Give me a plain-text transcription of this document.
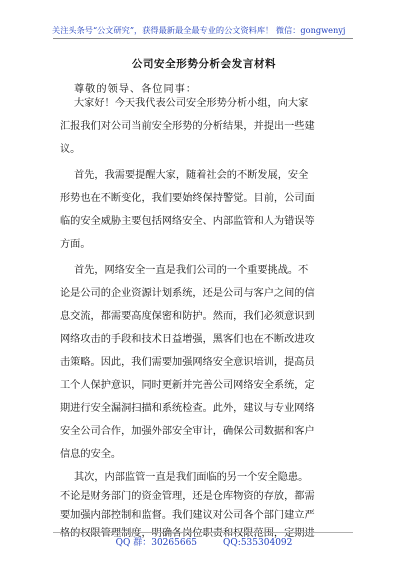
关注头条号“公文研究”，获得最新最全最专业的公文资料库！ 微信：gongwenyj
公司安全形势分析会发言材料
尊敬的领导、各位同事：
大家好！今天我代表公司安全形势分析小组，向大家
汇报我们对公司当前安全形势的分析结果，并提出一些建
议。
首先，我需要提醒大家，随着社会的不断发展，安全
形势也在不断变化，我们要始终保持警觉。目前，公司面
临的安全威胁主要包括网络安全、内部监管和人为错误等
方面。
首先，网络安全一直是我们公司的一个重要挑战。不
论是公司的企业资源计划系统，还是公司与客户之间的信
息交流，都需要高度保密和防护。然而，我们必须意识到
网络攻击的手段和技术日益增强，黑客们也在不断改进攻
击策略。因此，我们需要加强网络安全意识培训，提高员
工个人保护意识，同时更新并完善公司网络安全系统，定
期进行安全漏洞扫描和系统检查。此外，建议与专业网络
安全公司合作，加强外部安全审计，确保公司数据和客户
信息的安全。
其次，内部监管一直是我们面临的另一个安全隐患。
不论是财务部门的资金管理，还是仓库物资的存放，都需
要加强内部控制和监督。我们建议对公司各个部门建立严
格的权限管理制度，明确各岗位职责和权限范围，定期进
QQ 群：30265665	QQ:535304092
